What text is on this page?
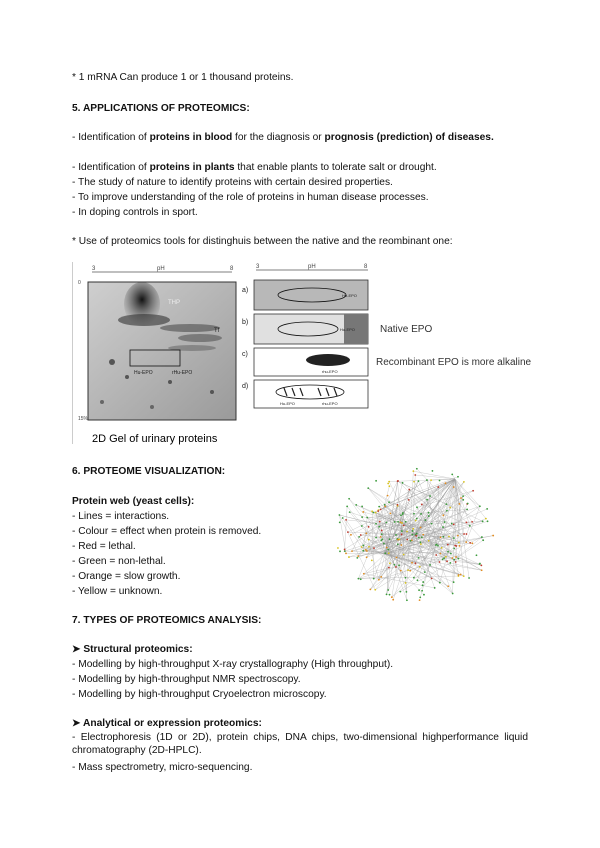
* 1 mRNA Can produce 1 or 1 thousand proteins.
5. APPLICATIONS OF PROTEOMICS:
- Identification of proteins in blood for the diagnosis or prognosis (prediction) of diseases.
- Identification of proteins in plants that enable plants to tolerate salt or drought.
- The study of nature to identify proteins with certain desired properties.
- To improve understanding of the role of proteins in human disease processes.
- In doping controls in sport.
* Use of proteomics tools for distinghuis between the native and the reombinant one:
3	pH	8
0
15%
THP
Tf
Hu-EPO	rHu-EPO
2D Gel of urinary proteins
3	pH	8
a)
Hu-EPO
b)
Hu-EPO	Native EPO
c)
rhu-EPO
Recombinant EPO is more alkaline
d)
Hu-EPO	rhu-EPO
6. PROTEOME VISUALIZATION:
Protein web (yeast cells):
- Lines = interactions.
- Colour = effect when protein is removed.
- Red = lethal.
- Green = non-lethal.
- Orange = slow growth.
- Yellow = unknown.
7. TYPES OF PROTEOMICS ANALYSIS:
➤ Structural proteomics:
- Modelling by high-throughput X-ray crystallography (High throughput).
- Modelling by high-throughput NMR spectroscopy.
- Modelling by high-throughput Cryoelectron microscopy.
➤ Analytical or expression proteomics:
- Electrophoresis (1D or 2D), protein chips, DNA chips, two-dimensional highperformance liquid chromatography (2D-HPLC).
- Mass spectrometry, micro-sequencing.
